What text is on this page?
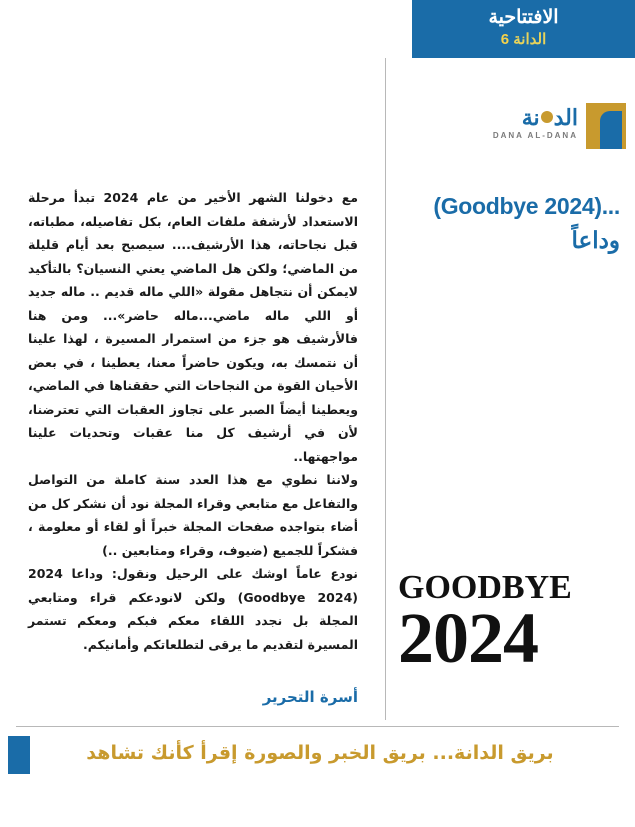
الافتتاحية
الدانة 6
الدنة
DANA AL-DANA
...(Goodbye 2024)
وداعاً
GOODBYE
2024

مع دخولنا الشهر الأخير من عام 2024 تبدأ مرحلة الاستعداد لأرشفة ملفات العام، بكل تفاصيله، مطباته، قبل نجاحاته، هذا الأرشيف.... سيصبح بعد أيام قليلة من الماضي؛ ولكن هل الماضي يعني النسيان؟ بالتأكيد لايمكن أن نتجاهل مقولة «اللي ماله قديم .. ماله جديد أو اللي ماله ماضي...ماله حاضر»... ومن هنا فالأرشيف هو جزء من استمرار المسيرة ، لهذا علينا أن نتمسك به، ويكون حاضراً معنا، يعطينا ، في بعض الأحيان القوة من النجاحات التي حققناها في الماضي، ويعطينا أيضاً الصبر على تجاوز العقبات التي تعترضنا، لأن في أرشيف كل منا عقبات وتحديات علينا مواجهتها..

ولاننا نطوي مع هذا العدد سنة كاملة من التواصل والتفاعل مع متابعي وقراء المجلة نود أن نشكر كل من أضاء بتواجده صفحات المجلة خبراً أو لقاء أو معلومة ، فشكراً للجميع (ضيوف، وقراء ومتابعين ..)

نودع عاماً اوشك على الرحيل ونقول: وداعا 2024 (Goodbye 2024) ولكن لانودعكم قراء ومتابعي المجلة بل نجدد اللقاء معكم فبكم ومعكم تستمر المسيرة لتقديم ما يرقى لتطلعاتكم وأمانيكم.

أسرة التحرير
بريق الدانة... بريق الخبر والصورة إقرأ كأنك تشاهد
